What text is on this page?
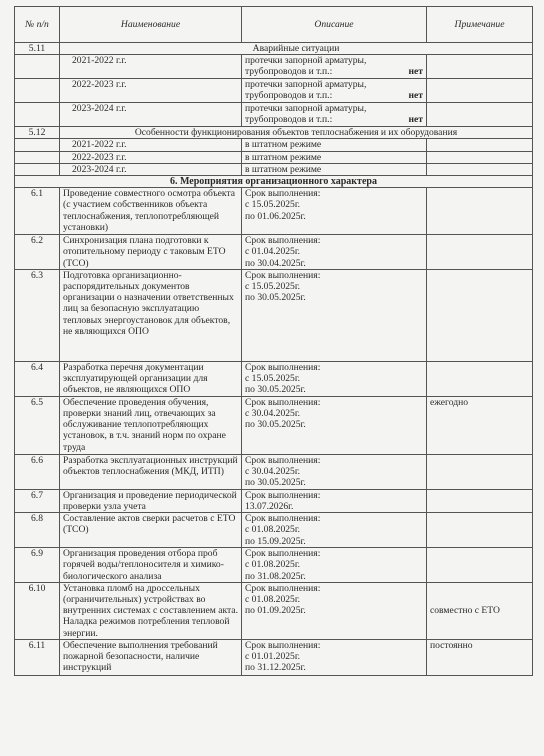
№ п/п	Наименование	Описание	Примечание
5.11	Аварийные ситуации		
	2021-2022 г.г.	протечки запорной арматуры,
трубопроводов и т.п.: нет	

	2022-2023 г.г.	протечки запорной арматуры,
трубопроводов и т.п.: нет	

	2023-2024 г.г.	протечки запорной арматуры,
трубопроводов и т.п.: нет	

5.12	Особенности функционирования объектов теплоснабжения и их оборудования		
	2021-2022 г.г.	в штатном режиме	
	2022-2023 г.г.	в штатном режиме	
	2023-2024 г.г.	в штатном режиме	
6. Мероприятия организационного характера			
6.1	Проведение совместного осмотра объекта (с участием собственников объекта теплоснабжения, теплопотребляющей установки)	Срок выполнения:
с 15.05.2025г.
по 01.06.2025г.	

6.2	Синхронизация плана подготовки к отопительному периоду с таковым ЕТО (ТСО)	Срок выполнения:
с 01.04.2025г.
по 30.04.2025г.	

6.3	Подготовка организационно-распорядительных документов организации о назначении ответственных лиц за безопасную эксплуатацию тепловых энергоустановок для объектов, не являющихся ОПО	Срок выполнения:
с 15.05.2025г.
по 30.05.2025г.	

6.4	Разработка перечня документации эксплуатирующей организации для объектов, не являющихся ОПО	Срок выполнения:
с 15.05.2025г.
по 30.05.2025г.	

6.5	Обеспечение проведения обучения, проверки знаний лиц, отвечающих за обслуживание теплопотребляющих установок, в т.ч. знаний норм по охране труда	Срок выполнения:
с 30.04.2025г.
по 30.05.2025г.	ежегодно
6.6	Разработка эксплуатационных инструкций объектов теплоснабжения (МКД, ИТП)	Срок выполнения:
с 30.04.2025г.
по 30.05.2025г.	

6.7	Организация и проведение периодической проверки узла учета	Срок выполнения:
13.07.2026г.	

6.8	Составление актов сверки расчетов с ЕТО (ТСО)	Срок выполнения:
с 01.08.2025г.
по 15.09.2025г.	

6.9	Организация проведения отбора проб горячей воды/теплоносителя и химико-биологического анализа	Срок выполнения:
с 01.08.2025г.
по 31.08.2025г.	

6.10	Установка пломб на дроссельных (ограничительных) устройствах во внутренних системах с составлением акта. Наладка режимов потребления тепловой энергии.	Срок выполнения:
с 01.08.2025г.
по 01.09.2025г.	совместно с ЕТО
6.11	Обеспечение выполнения требований пожарной безопасности, наличие инструкций	Срок выполнения:
с 01.01.2025г.
по 31.12.2025г.	постоянно
